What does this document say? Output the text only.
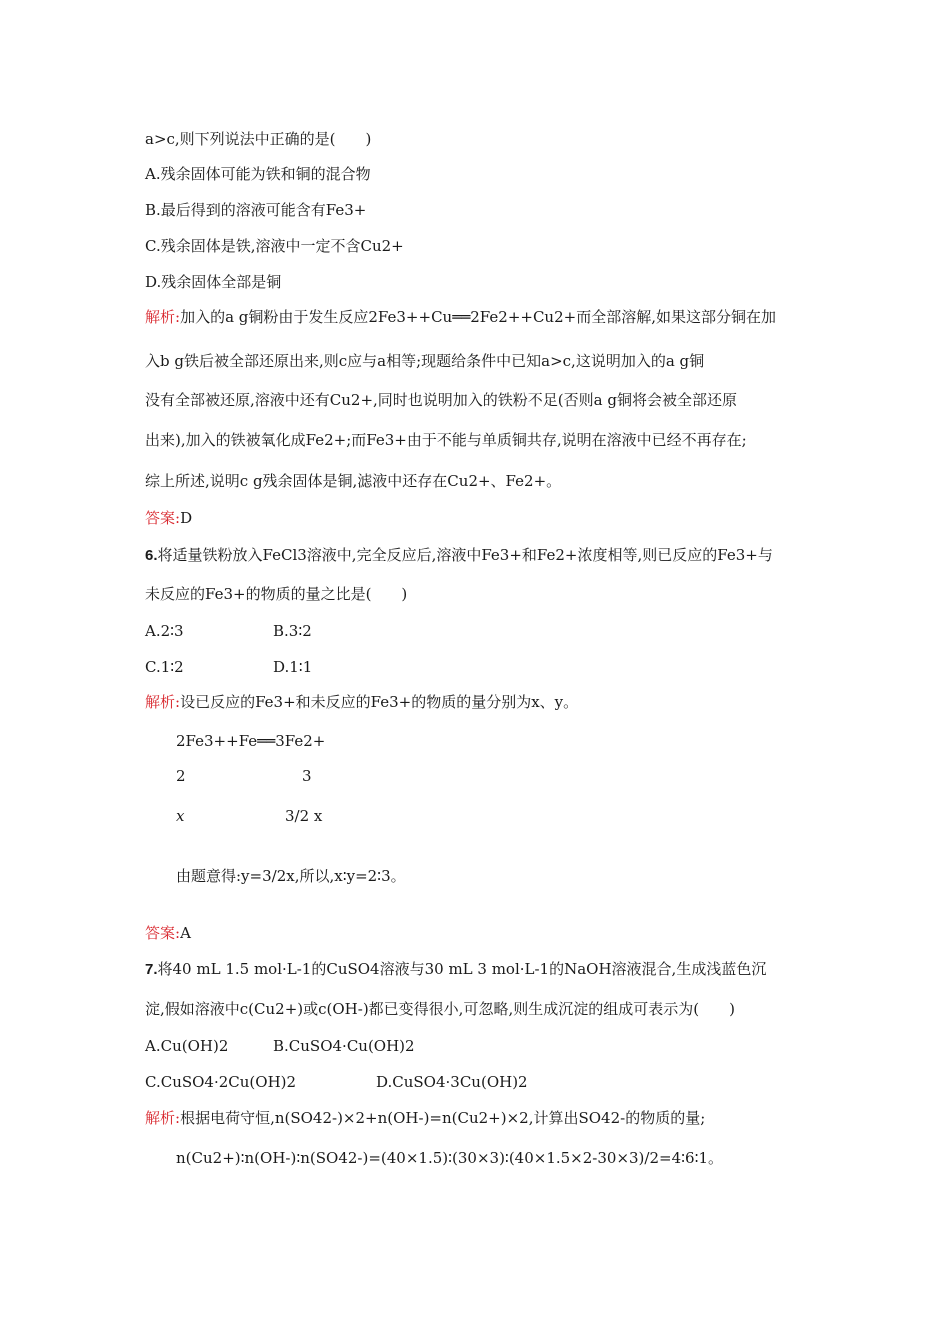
a>c,则下列说法中正确的是(　　)
A.残余固体可能为铁和铜的混合物
B.最后得到的溶液可能含有Fe3+
C.残余固体是铁,溶液中一定不含Cu2+
D.残余固体全部是铜
解析:加入的a g铜粉由于发生反应2Fe3++Cu══2Fe2++Cu2+而全部溶解,如果这部分铜在加
入b g铁后被全部还原出来,则c应与a相等;现题给条件中已知a>c,这说明加入的a g铜
没有全部被还原,溶液中还有Cu2+,同时也说明加入的铁粉不足(否则a g铜将会被全部还原
出来),加入的铁被氧化成Fe2+;而Fe3+由于不能与单质铜共存,说明在溶液中已经不再存在;
综上所述,说明c g残余固体是铜,滤液中还存在Cu2+、Fe2+。
答案:D
6.将适量铁粉放入FeCl3溶液中,完全反应后,溶液中Fe3+和Fe2+浓度相等,则已反应的Fe3+与
未反应的Fe3+的物质的量之比是(　　)
A.2∶3	B.3∶2
C.1∶2	D.1∶1
解析:设已反应的Fe3+和未反应的Fe3+的物质的量分别为x、y。
2Fe3++Fe══3Fe2+
2	3
x	3/2 x
由题意得:y=3/2x,所以,x∶y=2∶3。
答案:A
7.将40 mL 1.5 mol·L-1的CuSO4溶液与30 mL 3 mol·L-1的NaOH溶液混合,生成浅蓝色沉
淀,假如溶液中c(Cu2+)或c(OH-)都已变得很小,可忽略,则生成沉淀的组成可表示为(　　)
A.Cu(OH)2	B.CuSO4·Cu(OH)2
C.CuSO4·2Cu(OH)2	D.CuSO4·3Cu(OH)2
解析:根据电荷守恒,n(SO42-)×2+n(OH-)=n(Cu2+)×2,计算出SO42-的物质的量;
n(Cu2+)∶n(OH-)∶n(SO42-)=(40×1.5)∶(30×3)∶(40×1.5×2-30×3)/2=4∶6∶1。
